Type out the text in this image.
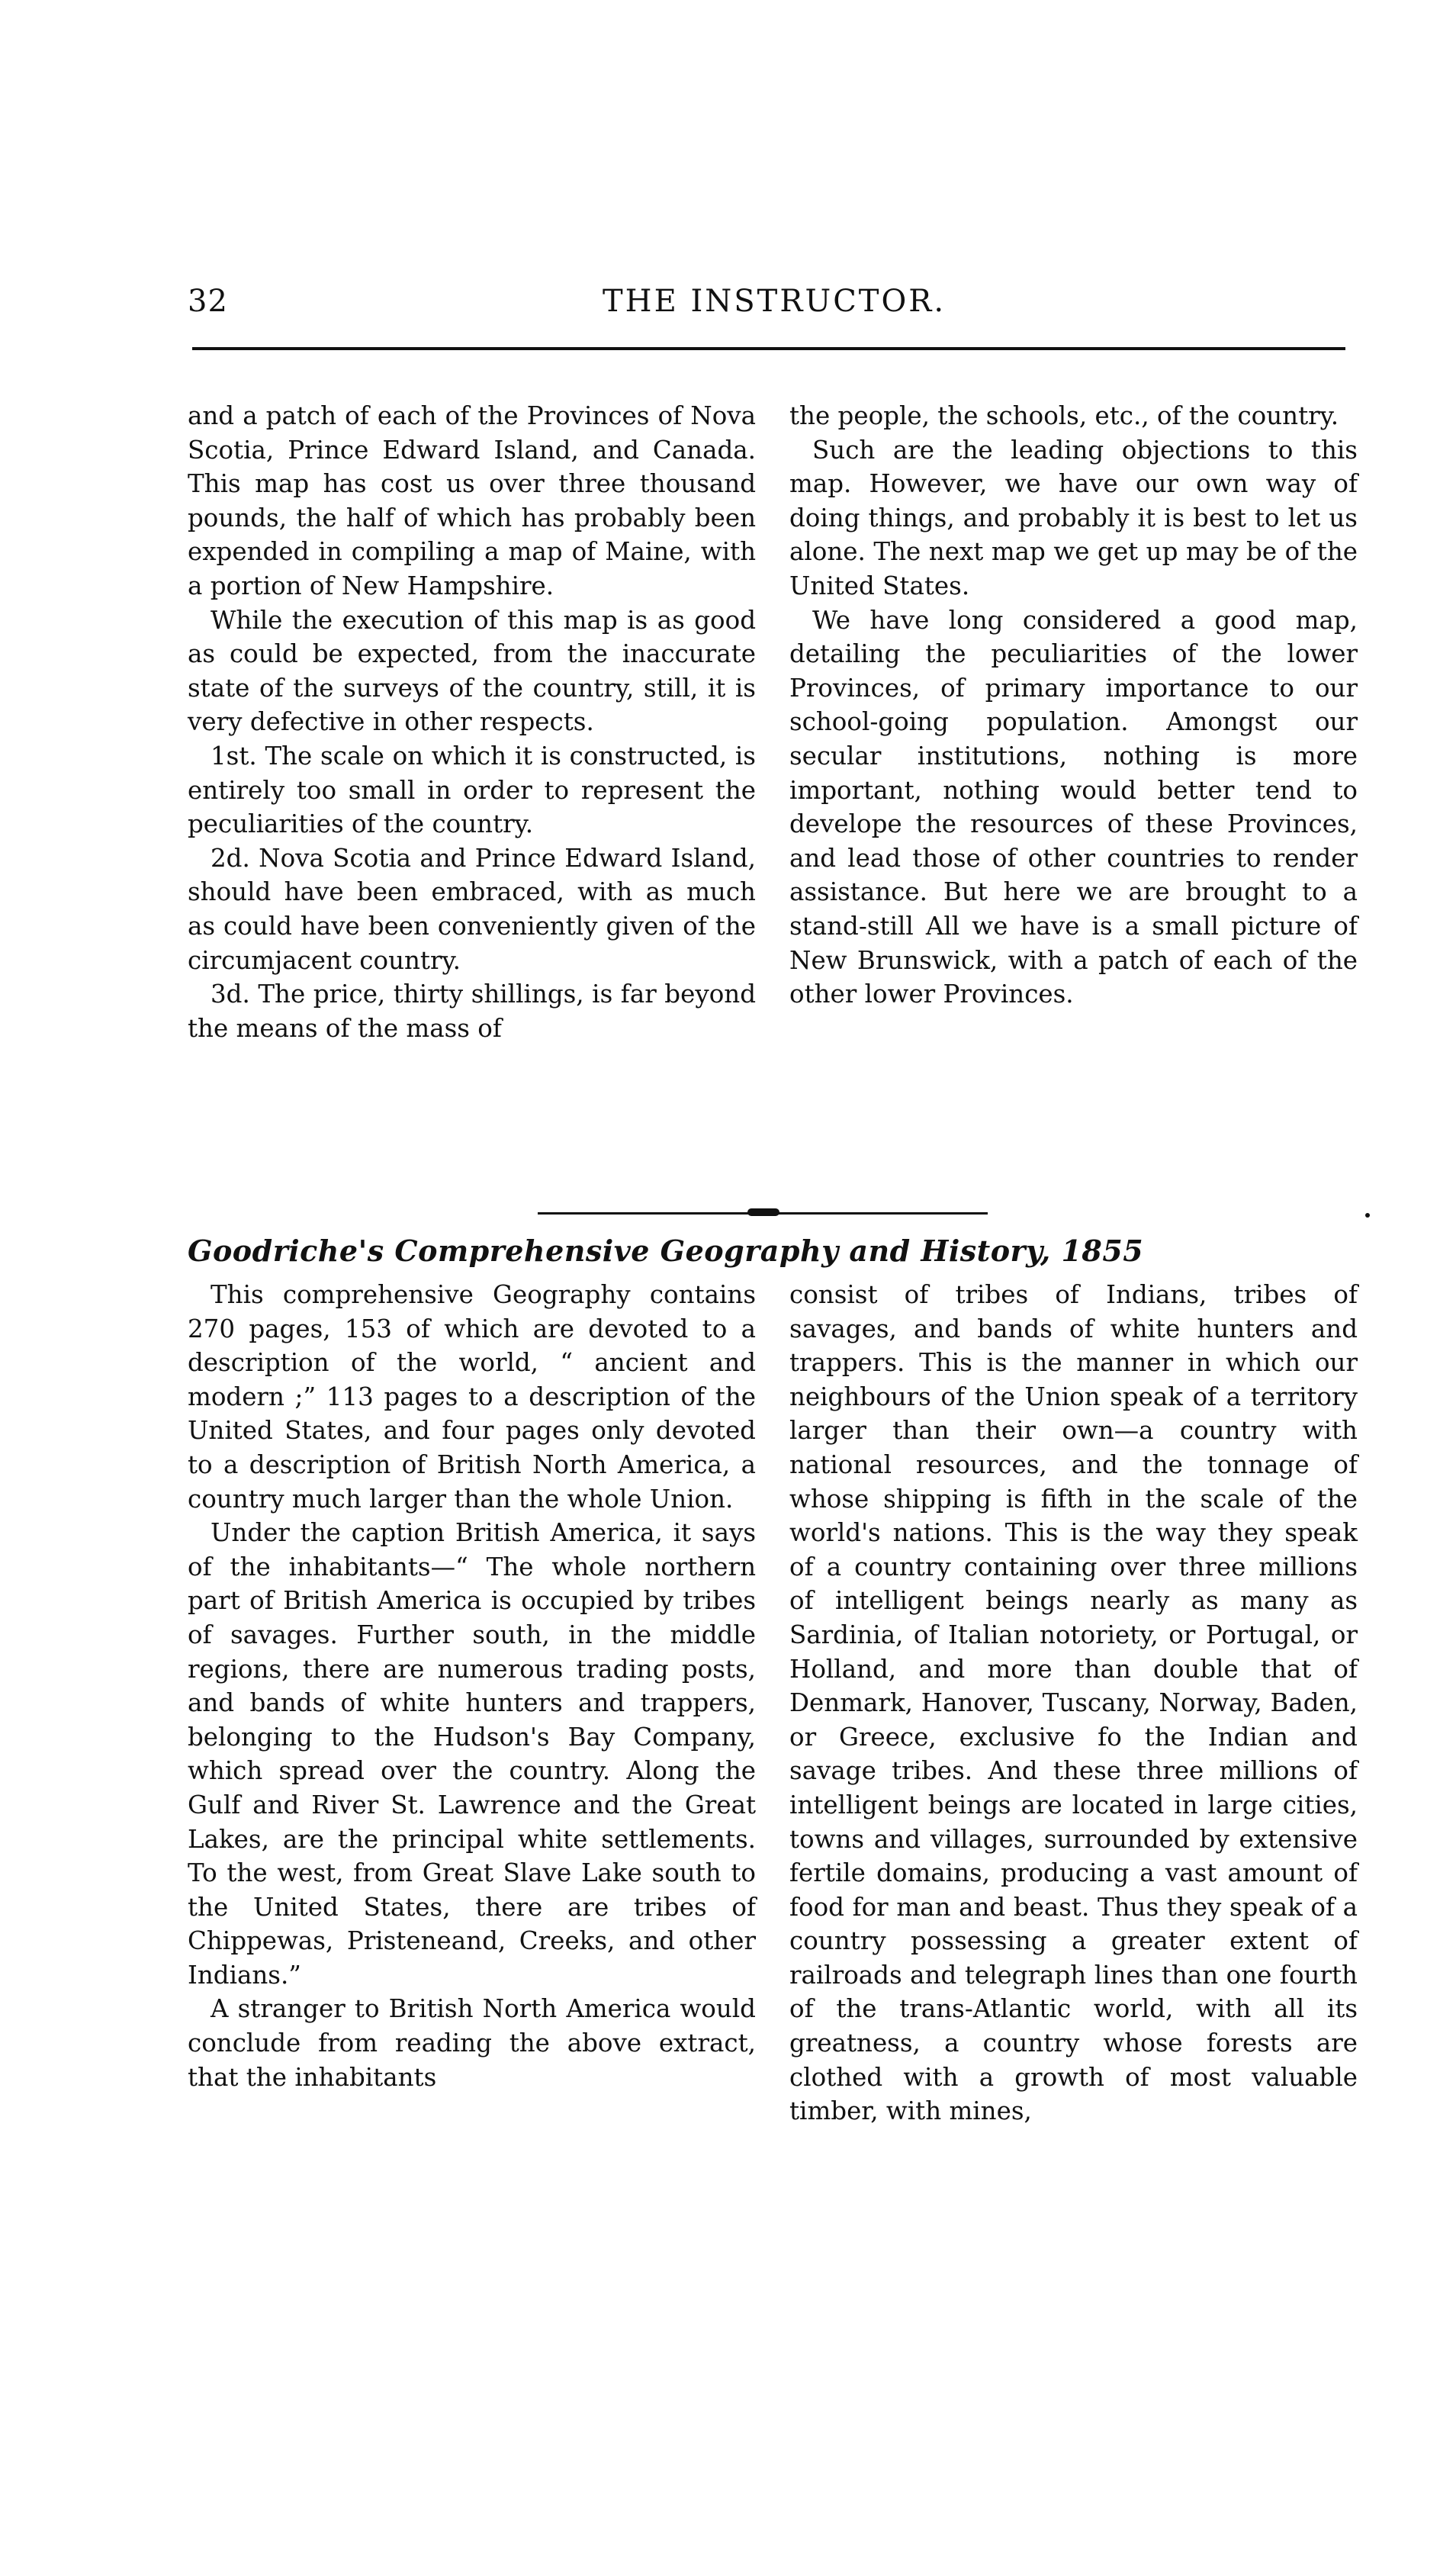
32	THE INSTRUCTOR.

and a patch of each of the Provinces of Nova Scotia, Prince Edward Island, and Canada. This map has cost us over three thousand pounds, the half of which has probably been expended in compiling a map of Maine, with a portion of New Hampshire.

While the execution of this map is as good as could be expected, from the inaccurate state of the surveys of the country, still, it is very defective in other respects.

1st. The scale on which it is constructed, is entirely too small in order to represent the peculiarities of the country.

2d. Nova Scotia and Prince Edward Island, should have been embraced, with as much as could have been conveniently given of the circumjacent country.

3d. The price, thirty shillings, is far beyond the means of the mass of

the people, the schools, etc., of the country.

Such are the leading objections to this map. However, we have our own way of doing things, and probably it is best to let us alone. The next map we get up may be of the United States.

We have long considered a good map, detailing the peculiarities of the lower Provinces, of primary importance to our school-going population. Amongst our secular institutions, nothing is more important, nothing would better tend to develope the resources of these Provinces, and lead those of other countries to render assistance. But here we are brought to a stand-still All we have is a small picture of New Brunswick, with a patch of each of the other lower Provinces.

Goodriche's Comprehensive Geography and History, 1855

This comprehensive Geography contains 270 pages, 153 of which are devoted to a description of the world, “ ancient and modern ;” 113 pages to a description of the United States, and four pages only devoted to a description of British North America, a country much larger than the whole Union.

Under the caption British America, it says of the inhabitants—“ The whole northern part of British America is occupied by tribes of savages. Further south, in the middle regions, there are numerous trading posts, and bands of white hunters and trappers, belonging to the Hudson's Bay Company, which spread over the country. Along the Gulf and River St. Lawrence and the Great Lakes, are the principal white settlements. To the west, from Great Slave Lake south to the United States, there are tribes of Chippewas, Pristeneand, Creeks, and other Indians.”

A stranger to British North America would conclude from reading the above extract, that the inhabitants

consist of tribes of Indians, tribes of savages, and bands of white hunters and trappers. This is the manner in which our neighbours of the Union speak of a territory larger than their own—a country with national resources, and the tonnage of whose shipping is fifth in the scale of the world's nations. This is the way they speak of a country containing over three millions of intelligent beings nearly as many as Sardinia, of Italian notoriety, or Portugal, or Holland, and more than double that of Denmark, Hanover, Tuscany, Norway, Baden, or Greece, exclusive fo the Indian and savage tribes. And these three millions of intelligent beings are located in large cities, towns and villages, surrounded by extensive fertile domains, producing a vast amount of food for man and beast. Thus they speak of a country possessing a greater extent of railroads and telegraph lines than one fourth of the trans-Atlantic world, with all its greatness, a country whose forests are clothed with a growth of most valuable timber, with mines,
